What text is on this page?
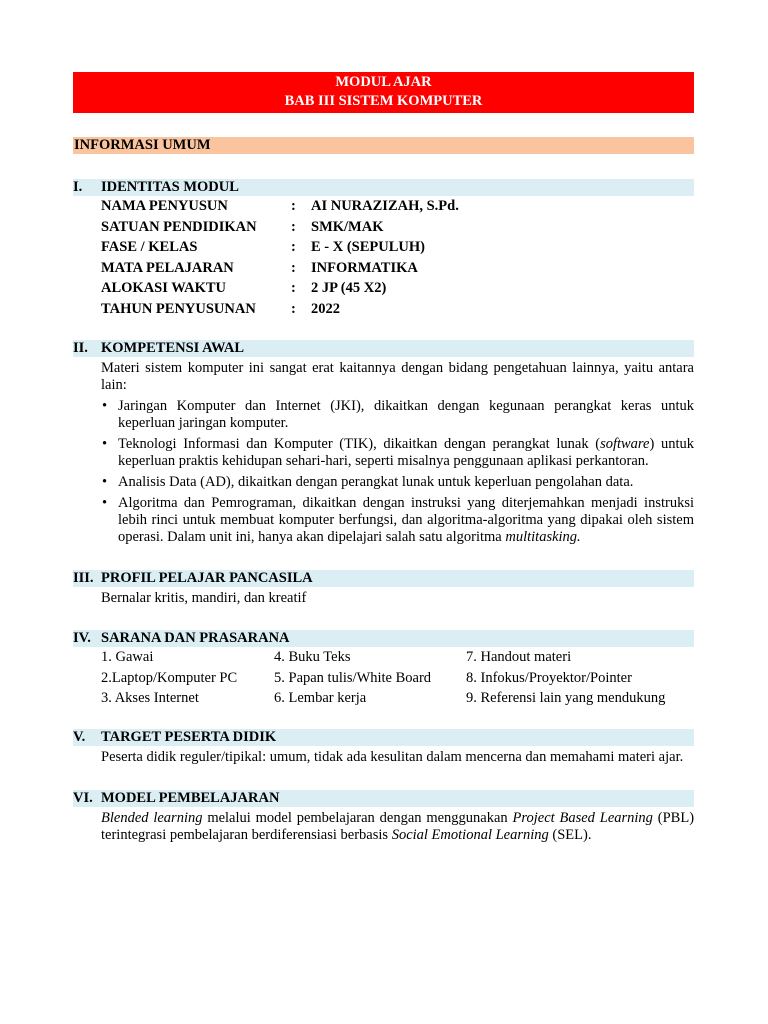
MODUL AJAR
BAB III SISTEM KOMPUTER
INFORMASI UMUM
I. IDENTITAS MODUL
NAMA PENYUSUN	: AI NURAZIZAH, S.Pd.
SATUAN PENDIDIKAN : SMK/MAK
FASE / KELAS	: E - X (SEPULUH)
MATA PELAJARAN	: INFORMATIKA
ALOKASI WAKTU	: 2 JP (45 X2)
TAHUN PENYUSUNAN : 2022
II. KOMPETENSI AWAL
Materi sistem komputer ini sangat erat kaitannya dengan bidang pengetahuan lainnya, yaitu antara lain:
• Jaringan Komputer dan Internet (JKI), dikaitkan dengan kegunaan perangkat keras untuk keperluan jaringan komputer.
• Teknologi Informasi dan Komputer (TIK), dikaitkan dengan perangkat lunak (software) untuk keperluan praktis kehidupan sehari-hari, seperti misalnya penggunaan aplikasi perkantoran.
• Analisis Data (AD), dikaitkan dengan perangkat lunak untuk keperluan pengolahan data.
• Algoritma dan Pemrograman, dikaitkan dengan instruksi yang diterjemahkan menjadi instruksi lebih rinci untuk membuat komputer berfungsi, dan algoritma-algoritma yang dipakai oleh sistem operasi. Dalam unit ini, hanya akan dipelajari salah satu algoritma multitasking.
III. PROFIL PELAJAR PANCASILA
Bernalar kritis, mandiri, dan kreatif
IV. SARANA DAN PRASARANA
1. Gawai	4. Buku Teks	7. Handout materi
2.Laptop/Komputer PC	5. Papan tulis/White Board 8. Infokus/Proyektor/Pointer
3. Akses Internet	6. Lembar kerja	9. Referensi lain yang mendukung
V. TARGET PESERTA DIDIK
Peserta didik reguler/tipikal: umum, tidak ada kesulitan dalam mencerna dan memahami materi ajar.
VI. MODEL PEMBELAJARAN
Blended learning melalui model pembelajaran dengan menggunakan Project Based Learning (PBL) terintegrasi pembelajaran berdiferensiasi berbasis Social Emotional Learning (SEL).
